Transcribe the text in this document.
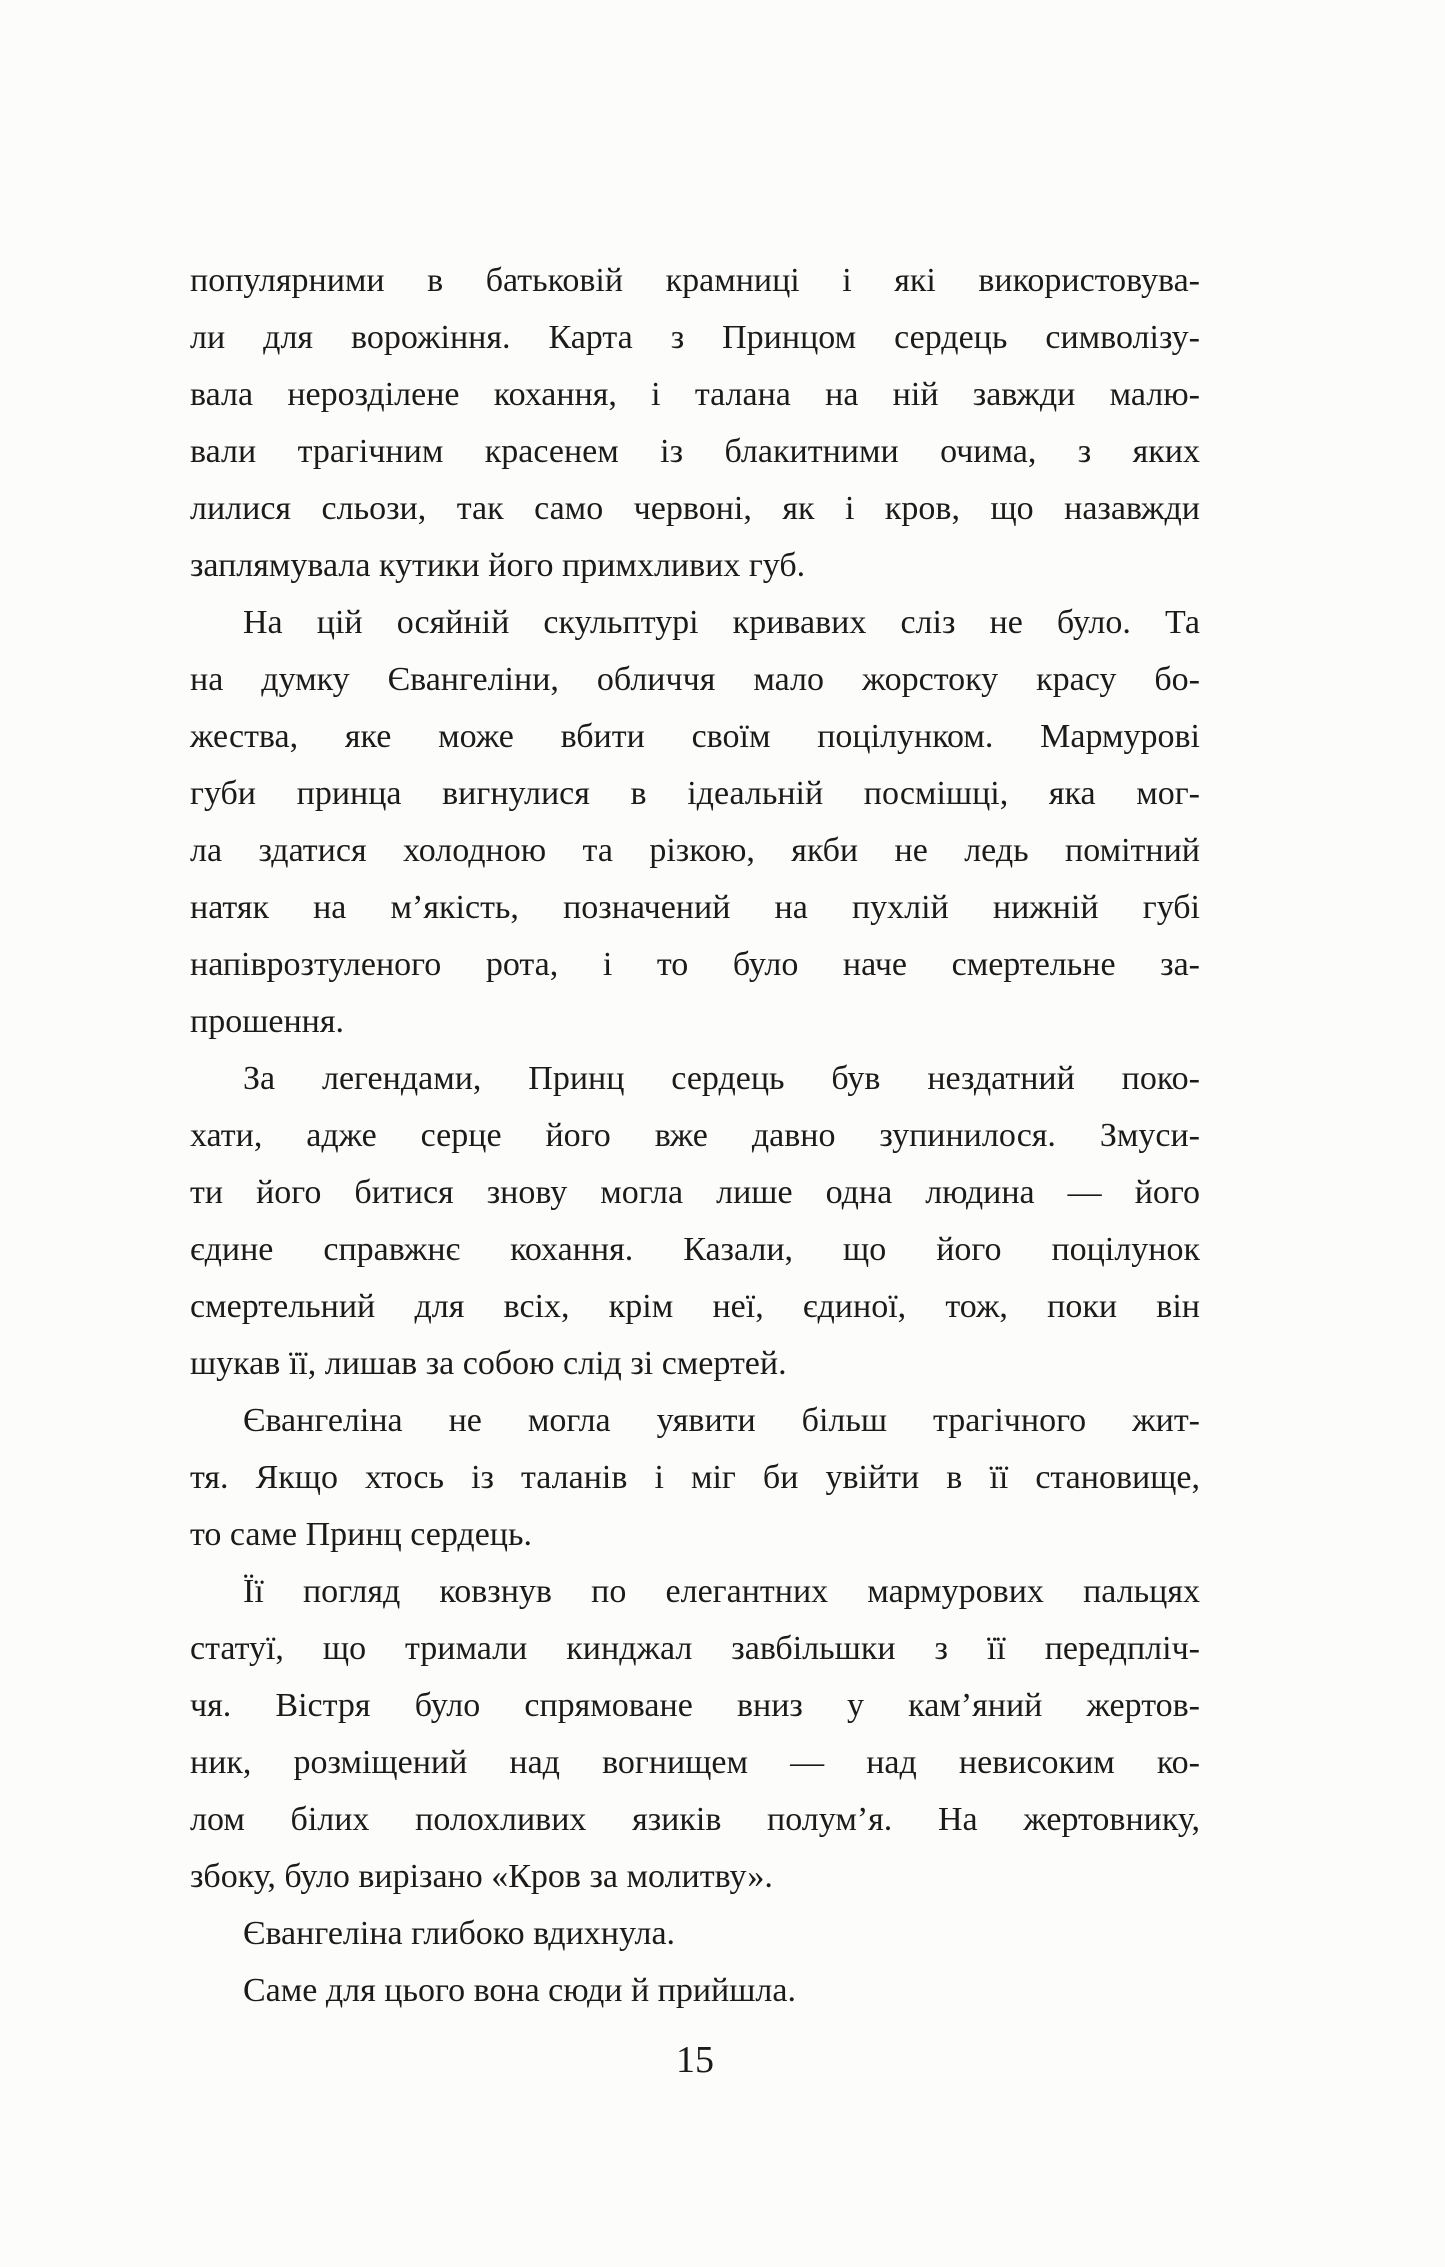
популярними в батьковій крамниці і які використовува-
ли для ворожіння. Карта з Принцом сердець символізу-
вала нерозділене кохання, і талана на ній завжди малю-
вали трагічним красенем із блакитними очима, з яких
лилися сльози, так само червоні, як і кров, що назавжди
заплямувала кутики його примхливих губ.
На цій осяйній скульптурі кривавих сліз не було. Та
на думку Євангеліни, обличчя мало жорстоку красу бо-
жества, яке може вбити своїм поцілунком. Мармурові
губи принца вигнулися в ідеальній посмішці, яка мог-
ла здатися холодною та різкою, якби не ледь помітний
натяк на м’якість, позначений на пухлій нижній губі
напіврозтуленого рота, і то було наче смертельне за-
прошення.
За легендами, Принц сердець був нездатний поко-
хати, адже серце його вже давно зупинилося. Змуси-
ти його битися знову могла лише одна людина — його
єдине справжнє кохання. Казали, що його поцілунок
смертельний для всіх, крім неї, єдиної, тож, поки він
шукав її, лишав за собою слід зі смертей.
Євангеліна не могла уявити більш трагічного жит-
тя. Якщо хтось із таланів і міг би увійти в її становище,
то саме Принц сердець.
Її погляд ковзнув по елегантних мармурових пальцях
статуї, що тримали кинджал завбільшки з її передпліч-
чя. Вістря було спрямоване вниз у кам’яний жертов-
ник, розміщений над вогнищем — над невисоким ко-
лом білих полохливих язиків полум’я. На жертовнику,
збоку, було вирізано «Кров за молитву».
Євангеліна глибоко вдихнула.
Саме для цього вона сюди й прийшла.
15
